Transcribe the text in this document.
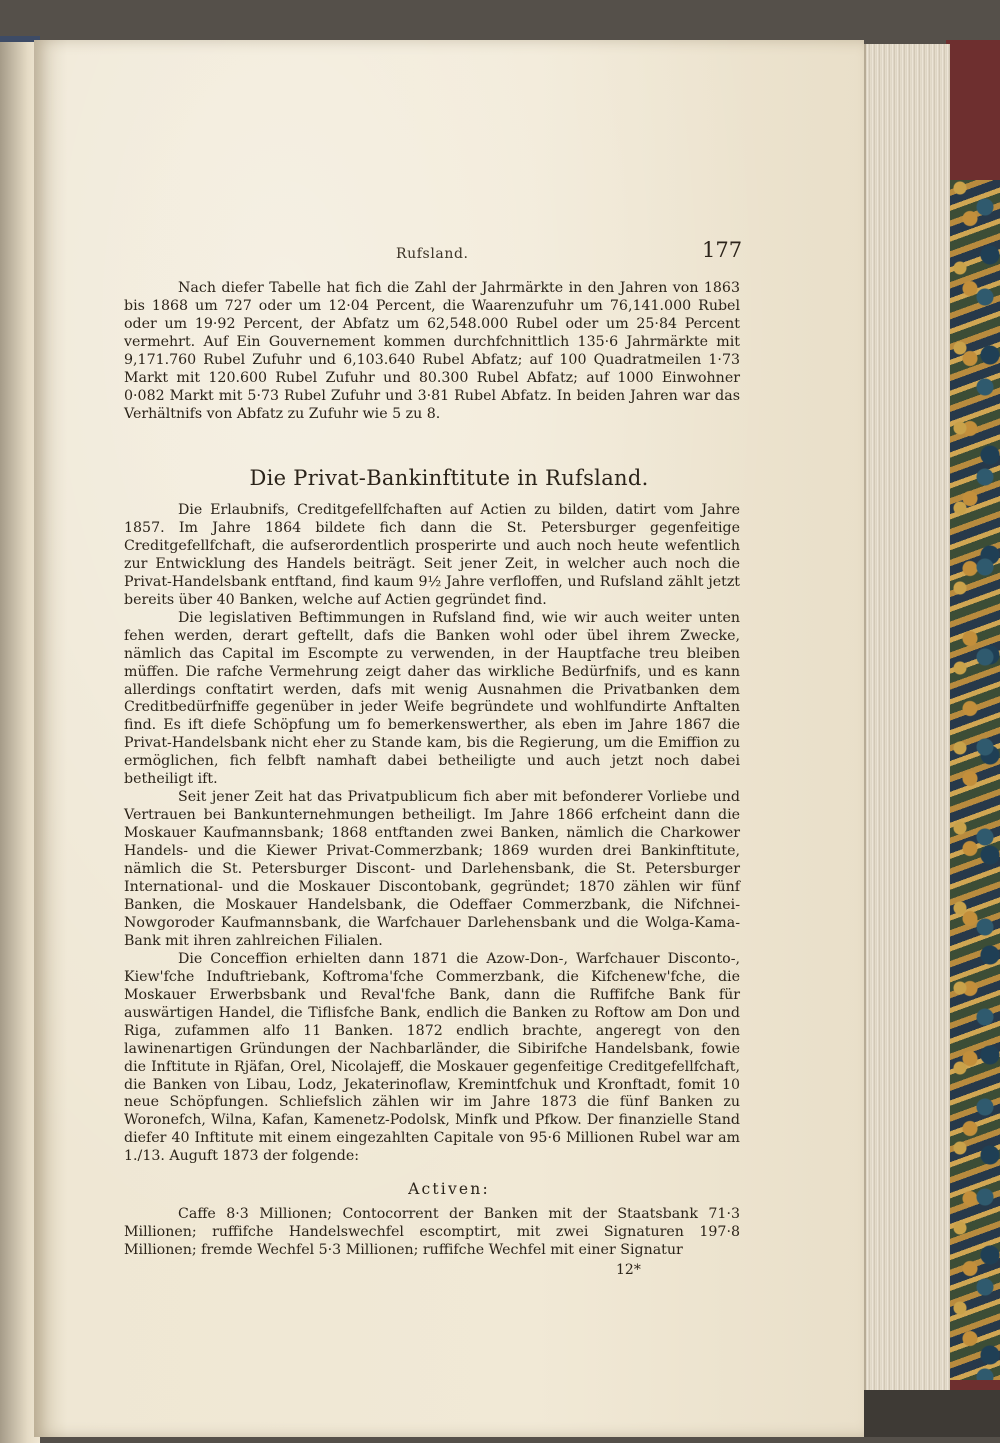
Rufsland.	177

Nach diefer Tabelle hat fich die Zahl der Jahrmärkte in den Jahren von 1863 bis 1868 um 727 oder um 12·04 Percent, die Waarenzufuhr um 76,141.000 Rubel oder um 19·92 Percent, der Abfatz um 62,548.000 Rubel oder um 25·84 Percent vermehrt. Auf Ein Gouvernement kommen durchfchnittlich 135·6 Jahrmärkte mit 9,171.760 Rubel Zufuhr und 6,103.640 Rubel Abfatz; auf 100 Quadratmeilen 1·73 Markt mit 120.600 Rubel Zufuhr und 80.300 Rubel Abfatz; auf 1000 Einwohner 0·082 Markt mit 5·73 Rubel Zufuhr und 3·81 Rubel Abfatz. In beiden Jahren war das Verhältnifs von Abfatz zu Zufuhr wie 5 zu 8.

Die Privat-Bankinftitute in Rufsland.

Die Erlaubnifs, Creditgefellfchaften auf Actien zu bilden, datirt vom Jahre 1857. Im Jahre 1864 bildete fich dann die St. Petersburger gegenfeitige Creditgefellfchaft, die aufserordentlich prosperirte und auch noch heute wefentlich zur Entwicklung des Handels beiträgt. Seit jener Zeit, in welcher auch noch die Privat-Handelsbank entftand, find kaum 9½ Jahre verfloffen, und Rufsland zählt jetzt bereits über 40 Banken, welche auf Actien gegründet find.

Die legislativen Beftimmungen in Rufsland find, wie wir auch weiter unten fehen werden, derart geftellt, dafs die Banken wohl oder übel ihrem Zwecke, nämlich das Capital im Escompte zu verwenden, in der Hauptfache treu bleiben müffen. Die rafche Vermehrung zeigt daher das wirkliche Bedürfnifs, und es kann allerdings conftatirt werden, dafs mit wenig Ausnahmen die Privatbanken dem Creditbedürfniffe gegenüber in jeder Weife begründete und wohlfundirte Anftalten find. Es ift diefe Schöpfung um fo bemerkenswerther, als eben im Jahre 1867 die Privat-Handelsbank nicht eher zu Stande kam, bis die Regierung, um die Emiffion zu ermöglichen, fich felbft namhaft dabei betheiligte und auch jetzt noch dabei betheiligt ift.

Seit jener Zeit hat das Privatpublicum fich aber mit befonderer Vorliebe und Vertrauen bei Bankunternehmungen betheiligt. Im Jahre 1866 erfcheint dann die Moskauer Kaufmannsbank; 1868 entftanden zwei Banken, nämlich die Charkower Handels- und die Kiewer Privat-Commerzbank; 1869 wurden drei Bankinftitute, nämlich die St. Petersburger Discont- und Darlehensbank, die St. Petersburger International- und die Moskauer Discontobank, gegründet; 1870 zählen wir fünf Banken, die Moskauer Handelsbank, die Odeffaer Commerzbank, die Nifchnei-Nowgoroder Kaufmannsbank, die Warfchauer Darlehensbank und die Wolga-Kama-Bank mit ihren zahlreichen Filialen.

Die Conceffion erhielten dann 1871 die Azow-Don-, Warfchauer Disconto-, Kiew'fche Induftriebank, Koftroma'fche Commerzbank, die Kifchenew'fche, die Moskauer Erwerbsbank und Reval'fche Bank, dann die Ruffifche Bank für auswärtigen Handel, die Tiflisfche Bank, endlich die Banken zu Roftow am Don und Riga, zufammen alfo 11 Banken. 1872 endlich brachte, angeregt von den lawinenartigen Gründungen der Nachbarländer, die Sibirifche Handelsbank, fowie die Inftitute in Rjäfan, Orel, Nicolajeff, die Moskauer gegenfeitige Creditgefellfchaft, die Banken von Libau, Lodz, Jekaterinoflaw, Kremintfchuk und Kronftadt, fomit 10 neue Schöpfungen. Schliefslich zählen wir im Jahre 1873 die fünf Banken zu Woronefch, Wilna, Kafan, Kamenetz-Podolsk, Minfk und Pfkow. Der finanzielle Stand diefer 40 Inftitute mit einem eingezahlten Capitale von 95·6 Millionen Rubel war am 1./13. Auguft 1873 der folgende:

Activen:

Caffe 8·3 Millionen; Contocorrent der Banken mit der Staatsbank 71·3 Millionen; ruffifche Handelswechfel escomptirt, mit zwei Signaturen 197·8 Millionen; fremde Wechfel 5·3 Millionen; ruffifche Wechfel mit einer Signatur

12*
